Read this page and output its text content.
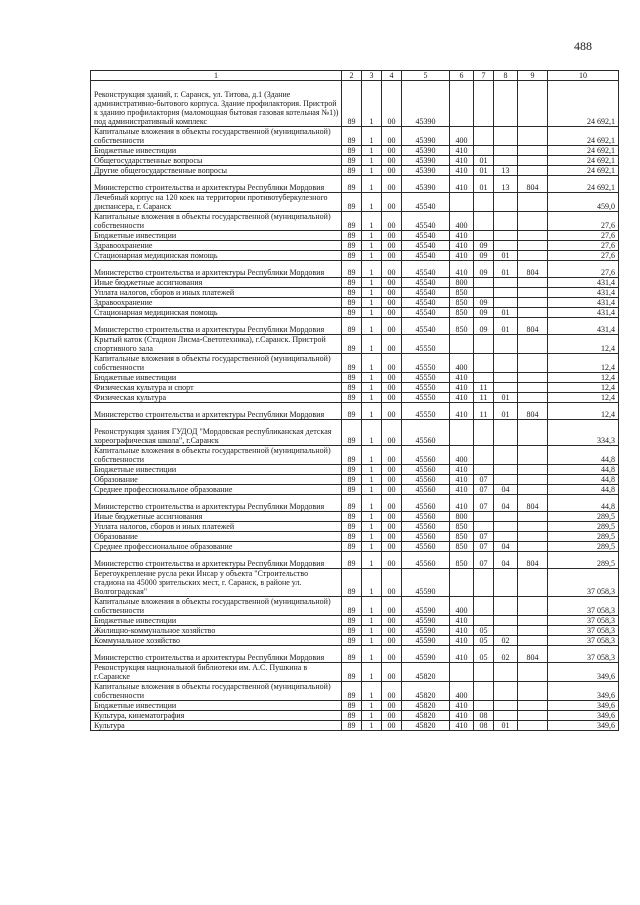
488
1	2	3	4	5	6	7	8	9	10
Реконструкция зданий, г. Саранск, ул. Титова, д.1 (Здание административно-бытового корпуса. Здание профилактория. Пристрой к зданию профилактория (маломощная бытовая газовая котельная №1)) под административный комплекс	89	1	00	45390					24 692,1
Капитальные вложения в объекты государственной (муниципальной) собственности	89	1	00	45390	400				24 692,1
Бюджетные инвестиции	89	1	00	45390	410				24 692,1
Общегосударственные вопросы	89	1	00	45390	410	01			24 692,1
Другие общегосударственные вопросы	89	1	00	45390	410	01	13		24 692,1
Министерство строительства и архитектуры Республики Мордовия	89	1	00	45390	410	01	13	804	24 692,1
Лечебный корпус на 120 коек на территории противотуберкулезного диспансера, г. Саранск	89	1	00	45540					459,0
Капитальные вложения в объекты государственной (муниципальной) собственности	89	1	00	45540	400				27,6
Бюджетные инвестиции	89	1	00	45540	410				27,6
Здравоохранение	89	1	00	45540	410	09			27,6
Стационарная медицинская помощь	89	1	00	45540	410	09	01		27,6
Министерство строительства и архитектуры Республики Мордовия	89	1	00	45540	410	09	01	804	27,6
Иные бюджетные ассигнования	89	1	00	45540	800				431,4
Уплата налогов, сборов и иных платежей	89	1	00	45540	850				431,4
Здравоохранение	89	1	00	45540	850	09			431,4
Стационарная медицинская помощь	89	1	00	45540	850	09	01		431,4
Министерство строительства и архитектуры Республики Мордовия	89	1	00	45540	850	09	01	804	431,4
Крытый каток (Стадион Лисма-Светотехника), г.Саранск. Пристрой спортивного зала	89	1	00	45550					12,4
Капитальные вложения в объекты государственной (муниципальной) собственности	89	1	00	45550	400				12,4
Бюджетные инвестиции	89	1	00	45550	410				12,4
Физическая культура и спорт	89	1	00	45550	410	11			12,4
Физическая культура	89	1	00	45550	410	11	01		12,4
Министерство строительства и архитектуры Республики Мордовия	89	1	00	45550	410	11	01	804	12,4
Реконструкция здания ГУДОД "Мордовская республиканская детская хореографическая школа", г.Саранск	89	1	00	45560					334,3
Капитальные вложения в объекты государственной (муниципальной) собственности	89	1	00	45560	400				44,8
Бюджетные инвестиции	89	1	00	45560	410				44,8
Образование	89	1	00	45560	410	07			44,8
Среднее профессиональное образование	89	1	00	45560	410	07	04		44,8
Министерство строительства и архитектуры Республики Мордовия	89	1	00	45560	410	07	04	804	44,8
Иные бюджетные ассигнования	89	1	00	45560	800				289,5
Уплата налогов, сборов и иных платежей	89	1	00	45560	850				289,5
Образование	89	1	00	45560	850	07			289,5
Среднее профессиональное образование	89	1	00	45560	850	07	04		289,5
Министерство строительства и архитектуры Республики Мордовия	89	1	00	45560	850	07	04	804	289,5
Берегоукрепление русла реки Инсар у объекта "Строительство стадиона на 45000 зрительских мест, г. Саранск, в районе ул. Волгоградская"	89	1	00	45590					37 058,3
Капитальные вложения в объекты государственной (муниципальной) собственности	89	1	00	45590	400				37 058,3
Бюджетные инвестиции	89	1	00	45590	410				37 058,3
Жилищно-коммунальное хозяйство	89	1	00	45590	410	05			37 058,3
Коммунальное хозяйство	89	1	00	45590	410	05	02		37 058,3
Министерство строительства и архитектуры Республики Мордовия	89	1	00	45590	410	05	02	804	37 058,3
Реконструкция национальной библиотеки им. А.С. Пушкина в г.Саранске	89	1	00	45820					349,6
Капитальные вложения в объекты государственной (муниципальной) собственности	89	1	00	45820	400				349,6
Бюджетные инвестиции	89	1	00	45820	410				349,6
Культура, кинематография	89	1	00	45820	410	08			349,6
Культура	89	1	00	45820	410	08	01		349,6
